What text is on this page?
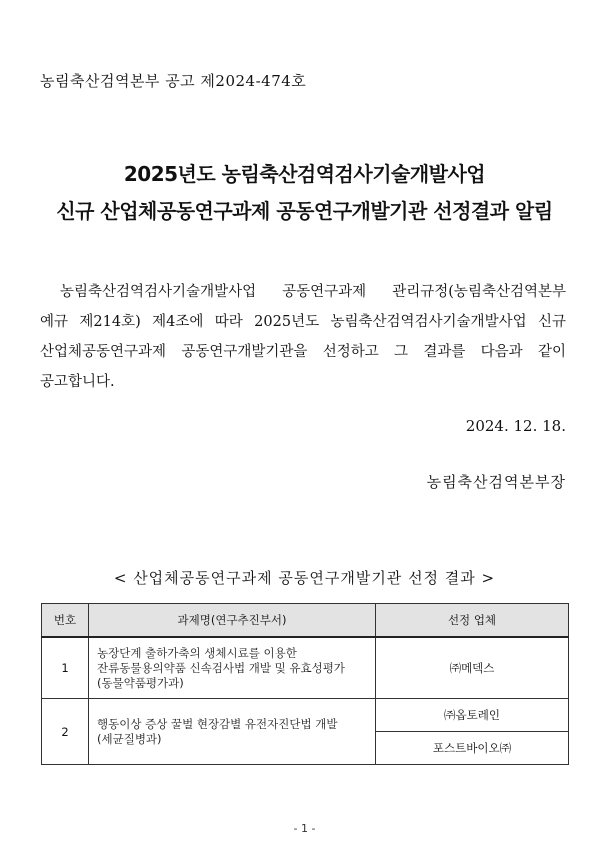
농림축산검역본부 공고 제2024-474호
2025년도 농림축산검역검사기술개발사업
신규 산업체공동연구과제 공동연구개발기관 선정결과 알림
농림축산검역검사기술개발사업 공동연구과제 관리규정(농림축산검역본부
예규 제214호) 제4조에 따라 2025년도 농림축산검역검사기술개발사업 신규
산업체공동연구과제 공동연구개발기관을 선정하고 그 결과를 다음과 같이
공고합니다.
2024. 12. 18.
농림축산검역본부장
< 산업체공동연구과제 공동연구개발기관 선정 결과 >
번호	과제명(연구추진부서)	선정 업체
1	농장단계 출하가축의 생체시료를 이용한
잔류동물용의약품 신속검사법 개발 및 유효성평가
(동물약품평가과)	㈜메덱스
2	행동이상 증상 꿀벌 현장감별 유전자진단법 개발
(세균질병과)	㈜옵토레인
		포스트바이오㈜
- 1 -
